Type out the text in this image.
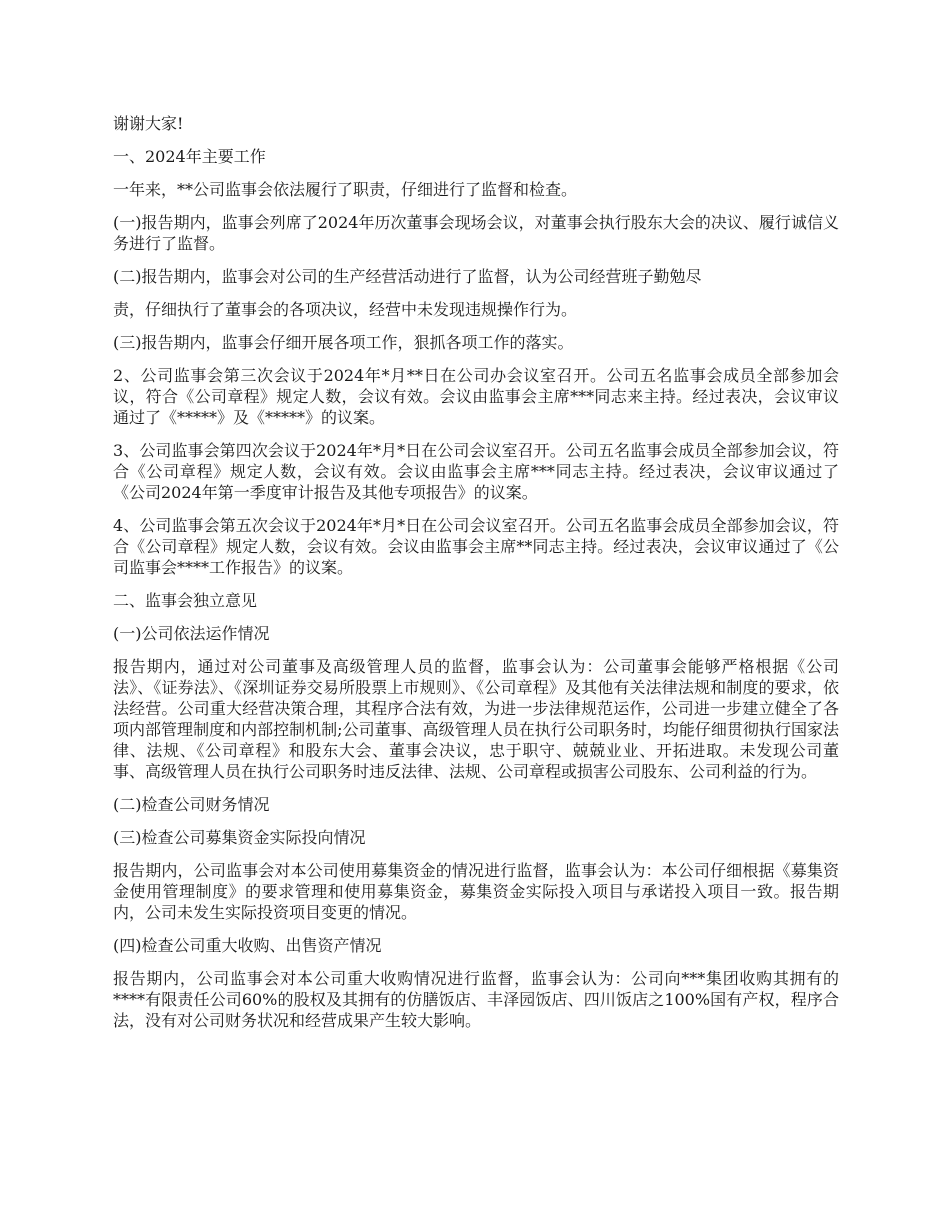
谢谢大家!

一、2024年主要工作

一年来，**公司监事会依法履行了职责，仔细进行了监督和检查。

(一)报告期内，监事会列席了2024年历次董事会现场会议，对董事会执行股东大会的决议、履行诚信义务进行了监督。

(二)报告期内，监事会对公司的生产经营活动进行了监督，认为公司经营班子勤勉尽

责，仔细执行了董事会的各项决议，经营中未发现违规操作行为。

(三)报告期内，监事会仔细开展各项工作，狠抓各项工作的落实。

2、公司监事会第三次会议于2024年*月**日在公司办会议室召开。公司五名监事会成员全部参加会议，符合《公司章程》规定人数，会议有效。会议由监事会主席***同志来主持。经过表决，会议审议通过了《*****》及《*****》的议案。

3、公司监事会第四次会议于2024年*月*日在公司会议室召开。公司五名监事会成员全部参加会议，符合《公司章程》规定人数，会议有效。会议由监事会主席***同志主持。经过表决，会议审议通过了《公司2024年第一季度审计报告及其他专项报告》的议案。

4、公司监事会第五次会议于2024年*月*日在公司会议室召开。公司五名监事会成员全部参加会议，符合《公司章程》规定人数，会议有效。会议由监事会主席**同志主持。经过表决，会议审议通过了《公司监事会****工作报告》的议案。

二、监事会独立意见

(一)公司依法运作情况

报告期内，通过对公司董事及高级管理人员的监督，监事会认为：公司董事会能够严格根据《公司法》、《证券法》、《深圳证券交易所股票上市规则》、《公司章程》及其他有关法律法规和制度的要求，依法经营。公司重大经营决策合理，其程序合法有效，为进一步法律规范运作，公司进一步建立健全了各项内部管理制度和内部控制机制;公司董事、高级管理人员在执行公司职务时，均能仔细贯彻执行国家法律、法规、《公司章程》和股东大会、董事会决议，忠于职守、兢兢业业、开拓进取。未发现公司董事、高级管理人员在执行公司职务时违反法律、法规、公司章程或损害公司股东、公司利益的行为。

(二)检查公司财务情况

(三)检查公司募集资金实际投向情况

报告期内，公司监事会对本公司使用募集资金的情况进行监督，监事会认为：本公司仔细根据《募集资金使用管理制度》的要求管理和使用募集资金，募集资金实际投入项目与承诺投入项目一致。报告期内，公司未发生实际投资项目变更的情况。

(四)检查公司重大收购、出售资产情况

报告期内，公司监事会对本公司重大收购情况进行监督，监事会认为：公司向***集团收购其拥有的****有限责任公司60%的股权及其拥有的仿膳饭店、丰泽园饭店、四川饭店之100%国有产权，程序合法，没有对公司财务状况和经营成果产生较大影响。
